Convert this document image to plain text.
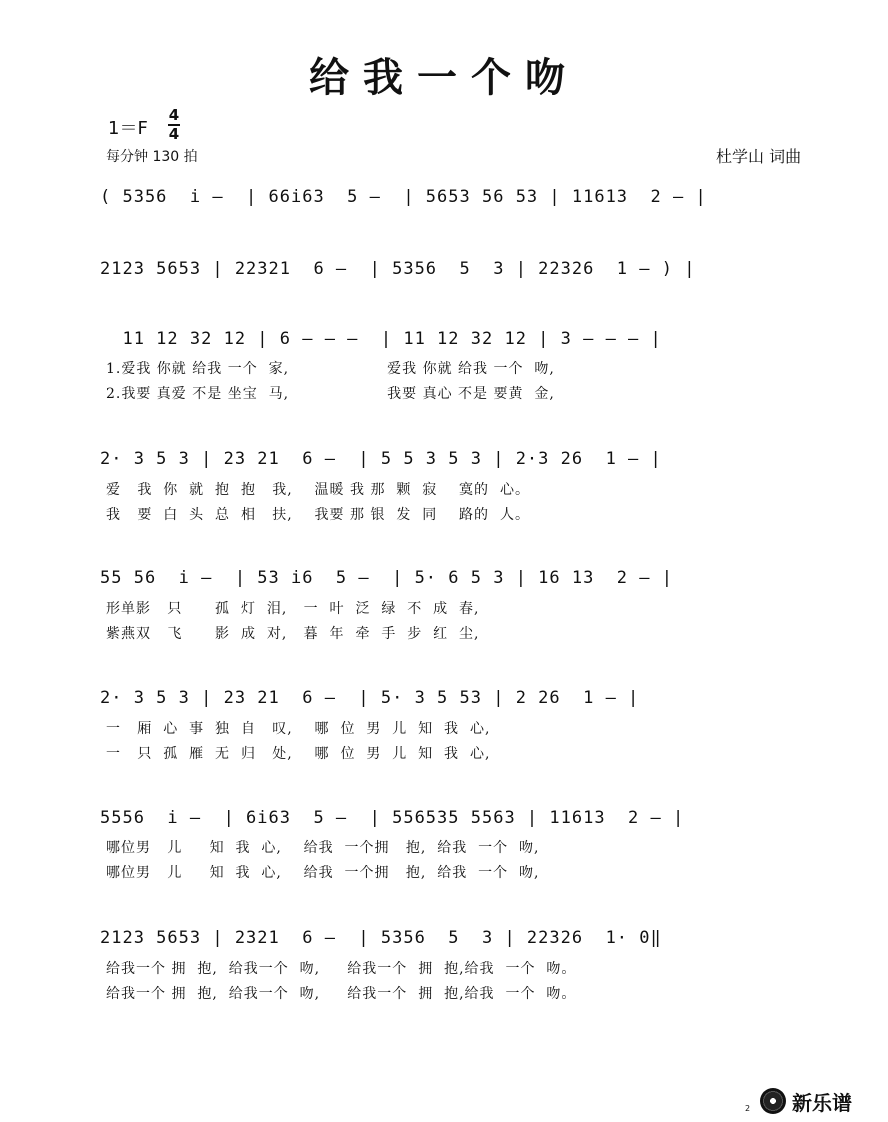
给我一个吻
1＝F
4
4
每分钟 130 拍	杜学山 词曲
( 5356  i –  | 66i63  5 –  | 5653 56 53 | 11613  2 – |
2123 5653 | 22321  6 –  | 5356  5  3 | 22326  1 – ) |
11 12 32 12 | 6 – – –  | 11 12 32 12 | 3 – – – |
1.爱我 你就 给我 一个  家,                  爱我 你就 给我 一个  吻,
2.我要 真爱 不是 坐宝  马,                  我要 真心 不是 要黄  金,
2· 3 5 3 | 23 21  6 –  | 5 5 3 5 3 | 2·3 26  1 – |
爱   我  你  就  抱  抱   我,    温暖 我 那  颗  寂    寞的  心。
我   要  白  头  总  相   扶,    我要 那 银  发  同    路的  人。
55 56  i –  | 53 i6  5 –  | 5· 6 5 3 | 16 13  2 – |
形单影   只      孤  灯  泪,   一  叶  泛  绿  不  成  春,
紫燕双   飞      影  成  对,   暮  年  牵  手  步  红  尘,
2· 3 5 3 | 23 21  6 –  | 5· 3 5 53 | 2 26  1 – |
一   厢  心  事  独  自   叹,    哪  位  男  儿  知  我  心,
一   只  孤  雁  无  归   处,    哪  位  男  儿  知  我  心,
5556  i –  | 6i63  5 –  | 556535 5563 | 11613  2 – |
哪位男   儿     知  我  心,    给我  一个拥   抱,  给我  一个  吻,
哪位男   儿     知  我  心,    给我  一个拥   抱,  给我  一个  吻,
2123 5653 | 2321  6 –  | 5356  5  3 | 22326  1· 0‖
给我一个 拥  抱,  给我一个  吻,     给我一个  拥  抱,给我  一个  吻。
给我一个 拥  抱,  给我一个  吻,     给我一个  拥  抱,给我  一个  吻。
2 新乐谱
